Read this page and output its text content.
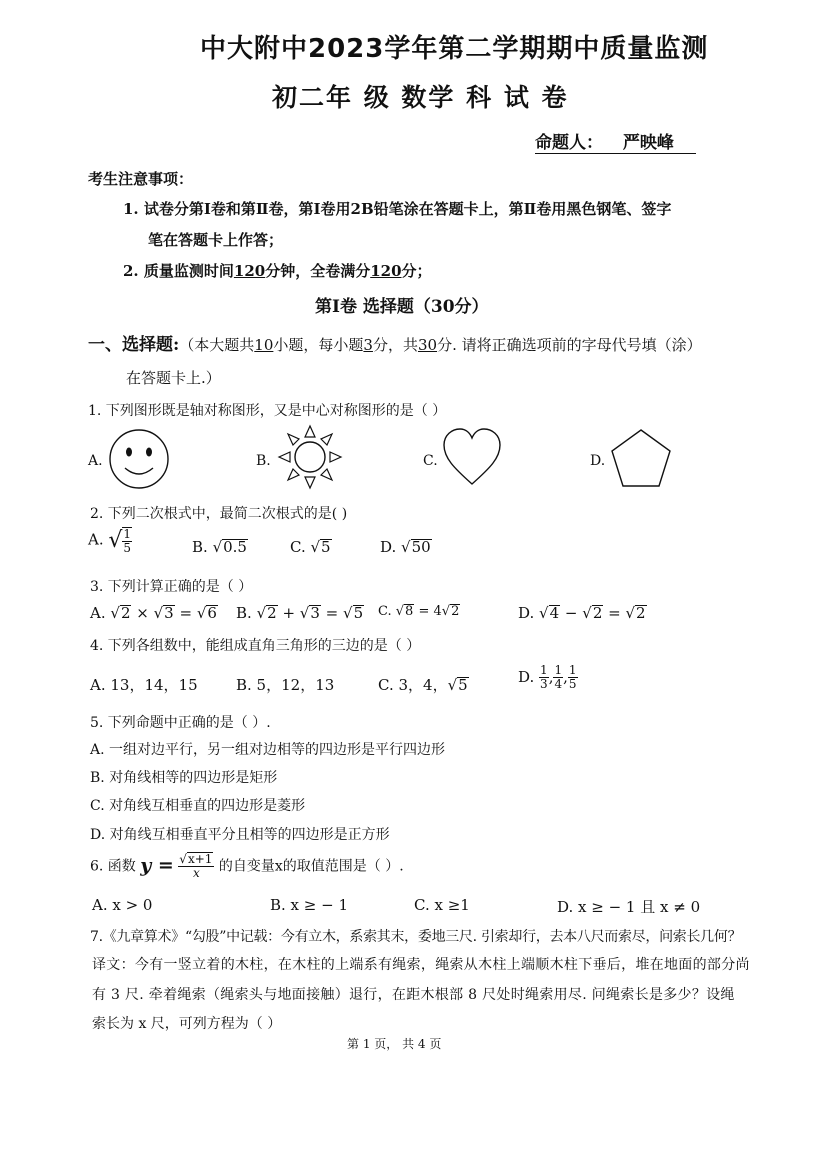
中大附中2023学年第二学期期中质量监测
初二年 级 数学 科 试 卷
命题人： 严映峰
考生注意事项：
1. 试卷分第Ⅰ卷和第Ⅱ卷，第Ⅰ卷用2B铅笔涂在答题卡上，第Ⅱ卷用黑色钢笔、签字
笔在答题卡上作答；
2. 质量监测时间120分钟，全卷满分120分；
第Ⅰ卷 选择题（30分）
一、选择题:（本大题共10小题，每小题3分，共30分. 请将正确选项前的字母代号填（涂）
在答题卡上.）
1. 下列图形既是轴对称图形，又是中心对称图形的是（ ）
A.	B.	C.	D.
2. 下列二次根式中，最简二次根式的是( )
A. √ $\frac{1}{5}$	B. √0.5	C. √5	D. √50
3. 下列计算正确的是（ ）
A. √2 × √3 = √6 B. √2 + √3 = √5 C. √8 = 4√2	D. √4 − √2 = √2
4. 下列各组数中，能组成直角三角形的三边的是（ ）
A. 13，14，15	B. 5，12，13	C. 3，4，√5	D. $\frac{1}{3}$ , $\frac{1}{4}$ , $\frac{1}{5}$
5. 下列命题中正确的是（ ）.
A. 一组对边平行，另一组对边相等的四边形是平行四边形
B. 对角线相等的四边形是矩形
C. 对角线互相垂直的四边形是菱形
D. 对角线互相垂直平分且相等的四边形是正方形
6. 函数 $y = \frac{√x+1}{x}$ 的自变量x的取值范围是（ ）.
A. x > 0	B. x ≥ − 1	C. x ≥1	D. x ≥ − 1 且 x ≠ 0
7.《九章算术》“勾股”中记载：今有立木，系索其末，委地三尺. 引索却行，去本八尺而索尽，问索长几何？
译文：今有一竖立着的木柱，在木柱的上端系有绳索，绳索从木柱上端顺木柱下垂后，堆在地面的部分尚
有 3 尺. 牵着绳索（绳索头与地面接触）退行，在距木根部 8 尺处时绳索用尽. 问绳索长是多少？设绳
索长为 x 尺，可列方程为（ ）
第 1 页， 共 4 页
